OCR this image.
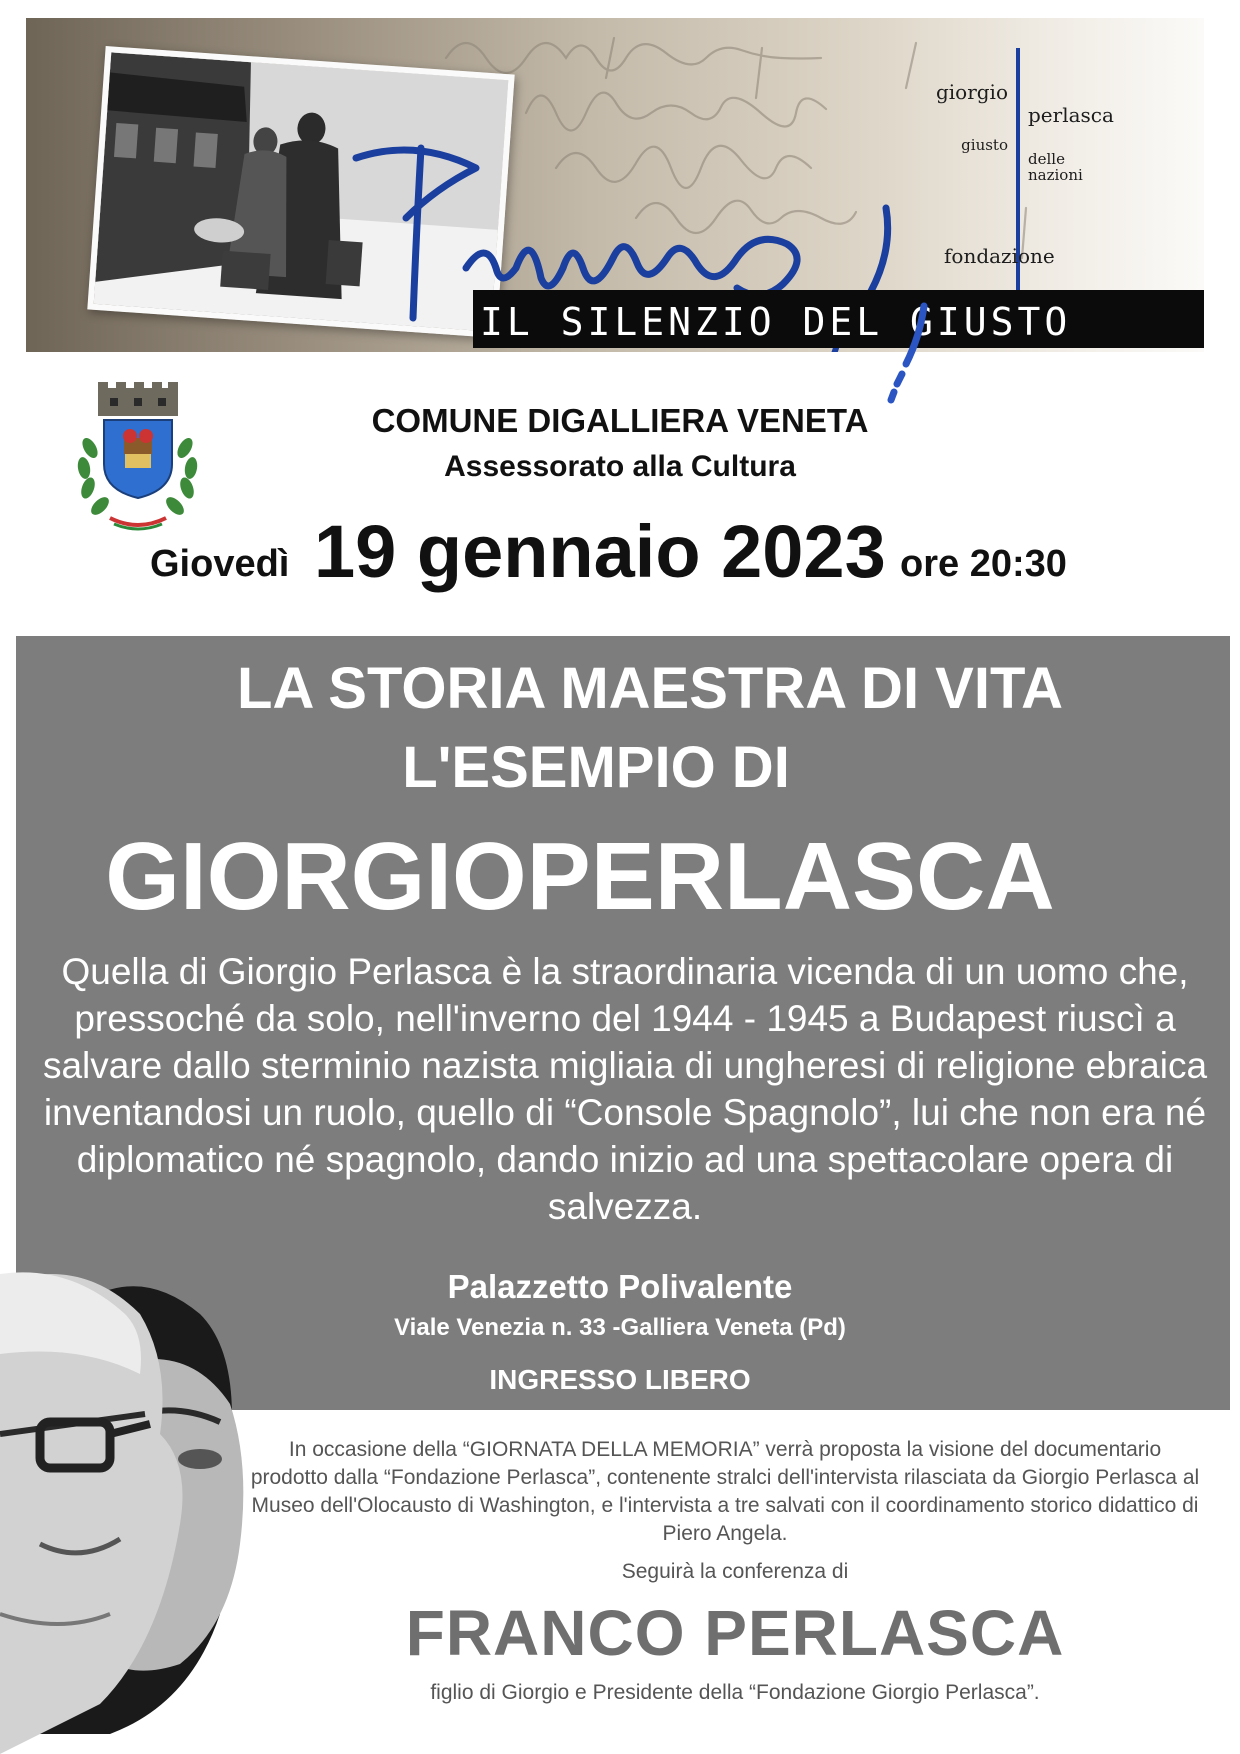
giorgio
perlasca
giusto
delle
nazioni
fondazione
IL SILENZIO DEL GIUSTO
COMUNE DIGALLIERA VENETA
Assessorato alla Cultura
Giovedì 19 gennaio 2023 ore 20:30
LA STORIA MAESTRA DI VITA
L'ESEMPIO DI
GIORGIOPERLASCA

Quella di Giorgio Perlasca è la straordinaria vicenda di un uomo che, pressoché da solo, nell'inverno del 1944 - 1945 a Budapest riuscì a salvare dallo sterminio nazista migliaia di ungheresi di religione ebraica inventandosi un ruolo, quello di “Console Spagnolo”, lui che non era né diplomatico né spagnolo, dando inizio ad una spettacolare opera di salvezza.

Palazzetto Polivalente
Viale Venezia n. 33 -Galliera Veneta (Pd)
INGRESSO LIBERO

In occasione della “GIORNATA DELLA MEMORIA” verrà proposta la visione del documentario prodotto dalla “Fondazione Perlasca”, contenente stralci dell'intervista rilasciata da Giorgio Perlasca al Museo dell'Olocausto di Washington, e l'intervista a tre salvati con il coordinamento storico didattico di Piero Angela.

Seguirà la conferenza di
FRANCO PERLASCA
figlio di Giorgio e Presidente della “Fondazione Giorgio Perlasca”.
